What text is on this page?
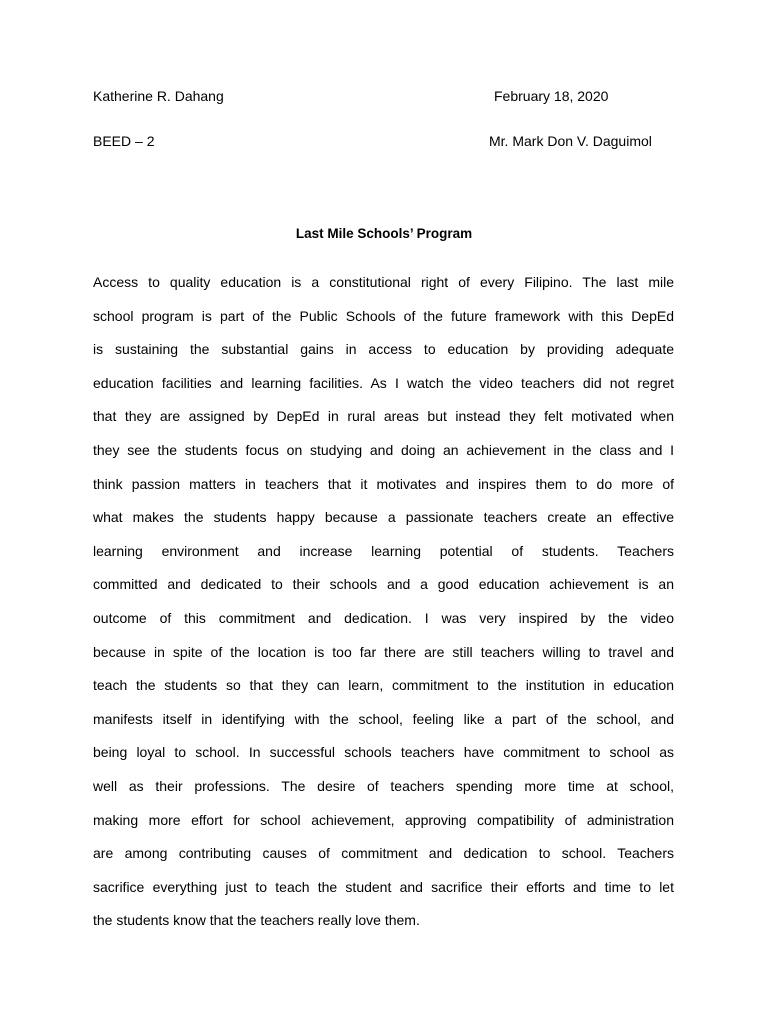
Katherine R. Dahang	February 18, 2020
BEED – 2	Mr. Mark Don V. Daguimol
Last Mile Schools’ Program
Access to quality education is a constitutional right of every Filipino. The last mile
school program is part of the Public Schools of the future framework with this DepEd
is sustaining the substantial gains in access to education by providing adequate
education facilities and learning facilities. As I watch the video teachers did not regret
that they are assigned by DepEd in rural areas but instead they felt motivated when
they see the students focus on studying and doing an achievement in the class and I
think passion matters in teachers that it motivates and inspires them to do more of
what makes the students happy because a passionate teachers create an effective
learning environment and increase learning potential of students. Teachers
committed and dedicated to their schools and a good education achievement is an
outcome of this commitment and dedication. I was very inspired by the video
because in spite of the location is too far there are still teachers willing to travel and
teach the students so that they can learn, commitment to the institution in education
manifests itself in identifying with the school, feeling like a part of the school, and
being loyal to school. In successful schools teachers have commitment to school as
well as their professions. The desire of teachers spending more time at school,
making more effort for school achievement, approving compatibility of administration
are among contributing causes of commitment and dedication to school. Teachers
sacrifice everything just to teach the student and sacrifice their efforts and time to let
the students know that the teachers really love them.
